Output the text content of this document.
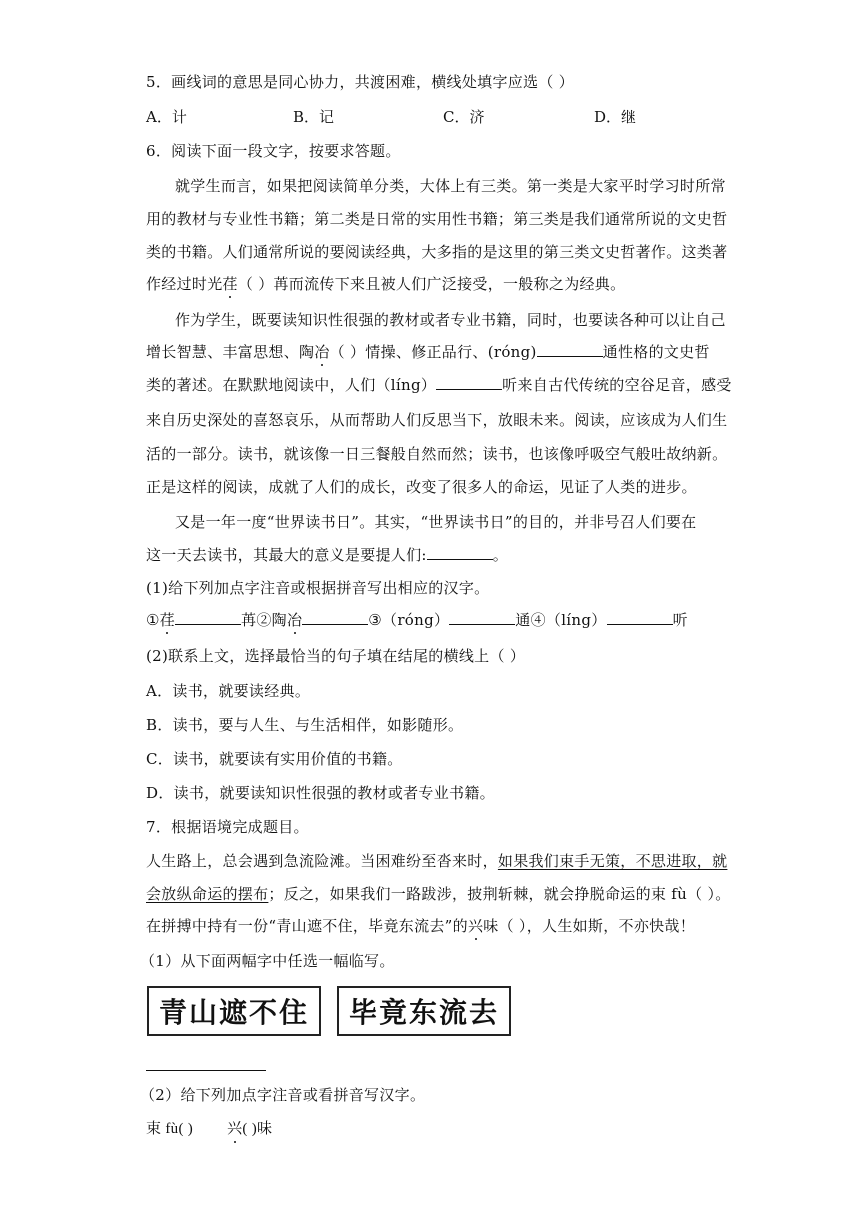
5．画线词的意思是同心协力，共渡困难，横线处填字应选（ ）
A．计	B．记	C．济	D．继
6．阅读下面一段文字，按要求答题。
就学生而言，如果把阅读简单分类，大体上有三类。第一类是大家平时学习时所常
用的教材与专业性书籍；第二类是日常的实用性书籍；第三类是我们通常所说的文史哲
类的书籍。人们通常所说的要阅读经典，大多指的是这里的第三类文史哲著作。这类著
作经过时光荏（ ）苒而流传下来且被人们广泛接受，一般称之为经典。
作为学生，既要读知识性很强的教材或者专业书籍，同时，也要读各种可以让自己
增长智慧、丰富思想、陶冶（ ）情操、修正品行、(róng)	通性格的文史哲
类的著述。在默默地阅读中，人们（líng）	听来自古代传统的空谷足音，感受
来自历史深处的喜怒哀乐，从而帮助人们反思当下，放眼未来。阅读，应该成为人们生
活的一部分。读书，就该像一日三餐般自然而然；读书，也该像呼吸空气般吐故纳新。
正是这样的阅读，成就了人们的成长，改变了很多人的命运，见证了人类的进步。
又是一年一度“世界读书日”。其实，“世界读书日”的目的，并非号召人们要在
这一天去读书，其最大的意义是要提人们:	。
(1)给下列加点字注音或根据拼音写出相应的汉字。
①荏	苒②陶冶	③（róng）	通④（líng）	听
(2)联系上文，选择最恰当的句子填在结尾的横线上（ ）
A．读书，就要读经典。
B．读书，要与人生、与生活相伴，如影随形。
C．读书，就要读有实用价值的书籍。
D．读书，就要读知识性很强的教材或者专业书籍。
7．根据语境完成题目。
人生路上，总会遇到急流险滩。当困难纷至沓来时，如果我们束手无策，不思进取，就
会放纵命运的摆布；反之，如果我们一路跋涉，披荆斩棘，就会挣脱命运的束 fù（ ）。
在拼搏中持有一份“青山遮不住，毕竟东流去”的兴味（ ），人生如斯，不亦快哉！
（1）从下面两幅字中任选一幅临写。
青山遮不住	毕竟东流去
（2）给下列加点字注音或看拼音写汉字。
束 fù( ) 兴( )味
